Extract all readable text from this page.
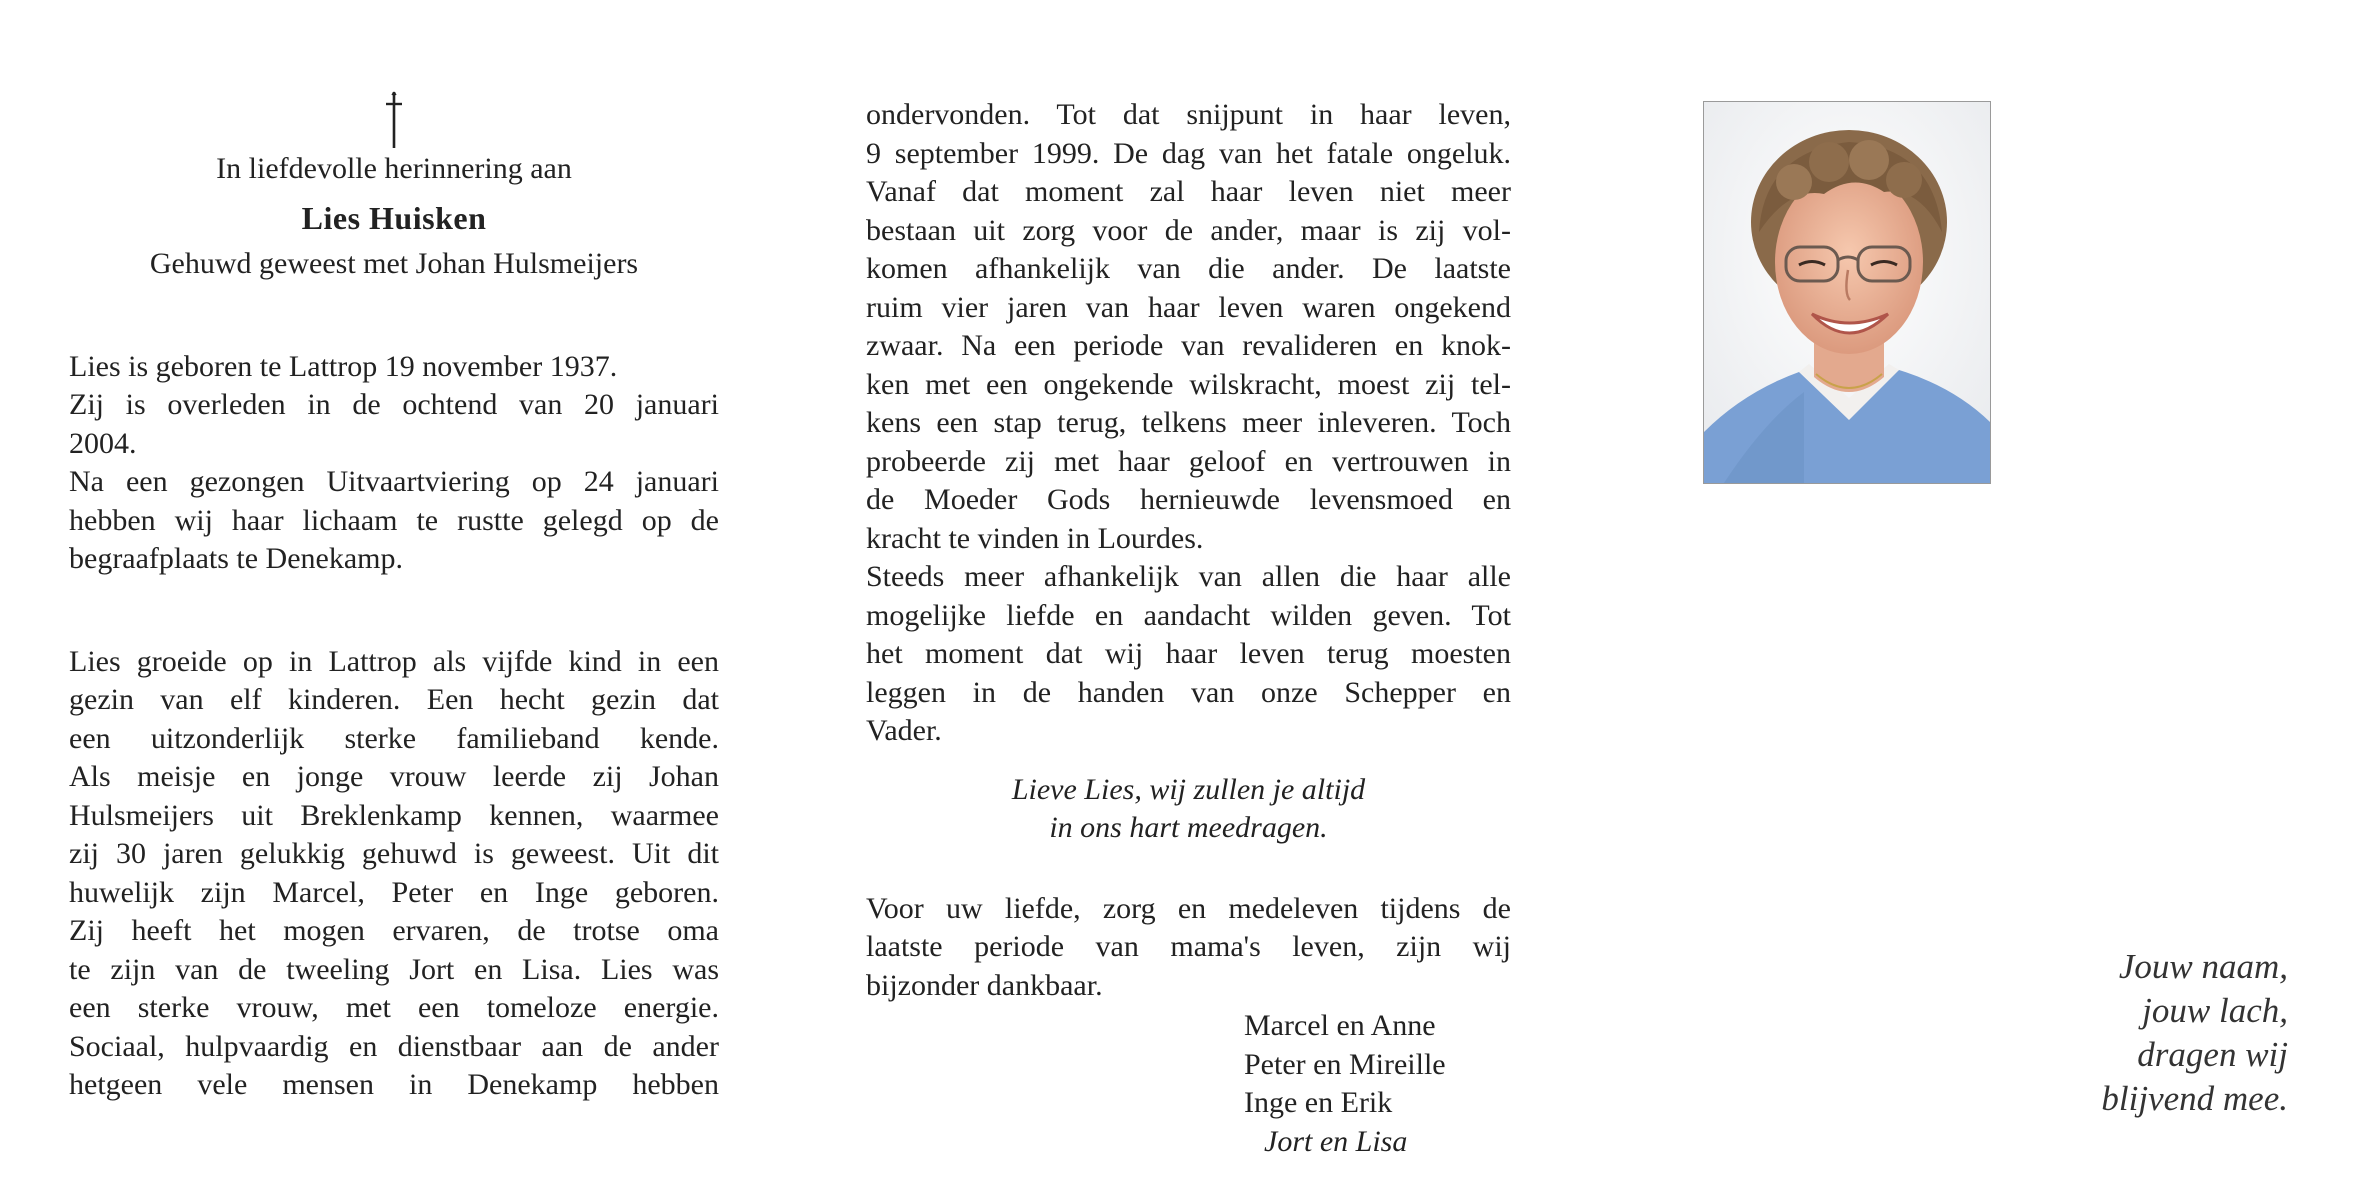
In liefdevolle herinnering aan
Lies Huisken
Gehuwd geweest met Johan Hulsmeijers
Lies is geboren te Lattrop 19 november 1937.
Zij is overleden in de ochtend van 20 januari
2004.
Na een gezongen Uitvaartviering op 24 januari
hebben wij haar lichaam te rustte gelegd op de
begraafplaats te Denekamp.
Lies groeide op in Lattrop als vijfde kind in een
gezin van elf kinderen. Een hecht gezin dat
een uitzonderlijk sterke familieband kende.
Als meisje en jonge vrouw leerde zij Johan
Hulsmeijers uit Breklenkamp kennen, waarmee
zij 30 jaren gelukkig gehuwd is geweest. Uit dit
huwelijk zijn Marcel, Peter en Inge geboren.
Zij heeft het mogen ervaren, de trotse oma
te zijn van de tweeling Jort en Lisa. Lies was
een sterke vrouw, met een tomeloze energie.
Sociaal, hulpvaardig en dienstbaar aan de ander
hetgeen vele mensen in Denekamp hebben
ondervonden. Tot dat snijpunt in haar leven,
9 september 1999. De dag van het fatale ongeluk.
Vanaf dat moment zal haar leven niet meer
bestaan uit zorg voor de ander, maar is zij vol-
komen afhankelijk van die ander. De laatste
ruim vier jaren van haar leven waren ongekend
zwaar. Na een periode van revalideren en knok-
ken met een ongekende wilskracht, moest zij tel-
kens een stap terug, telkens meer inleveren. Toch
probeerde zij met haar geloof en vertrouwen in
de Moeder Gods hernieuwde levensmoed en
kracht te vinden in Lourdes.
Steeds meer afhankelijk van allen die haar alle
mogelijke liefde en aandacht wilden geven. Tot
het moment dat wij haar leven terug moesten
leggen in de handen van onze Schepper en
Vader.
Lieve Lies, wij zullen je altijd
in ons hart meedragen.
Voor uw liefde, zorg en medeleven tijdens de
laatste periode van mama's leven, zijn wij
bijzonder dankbaar.
Marcel en Anne
Peter en Mireille
Inge en Erik
Jort en Lisa
Jouw naam,
jouw lach,
dragen wij
blijvend mee.
